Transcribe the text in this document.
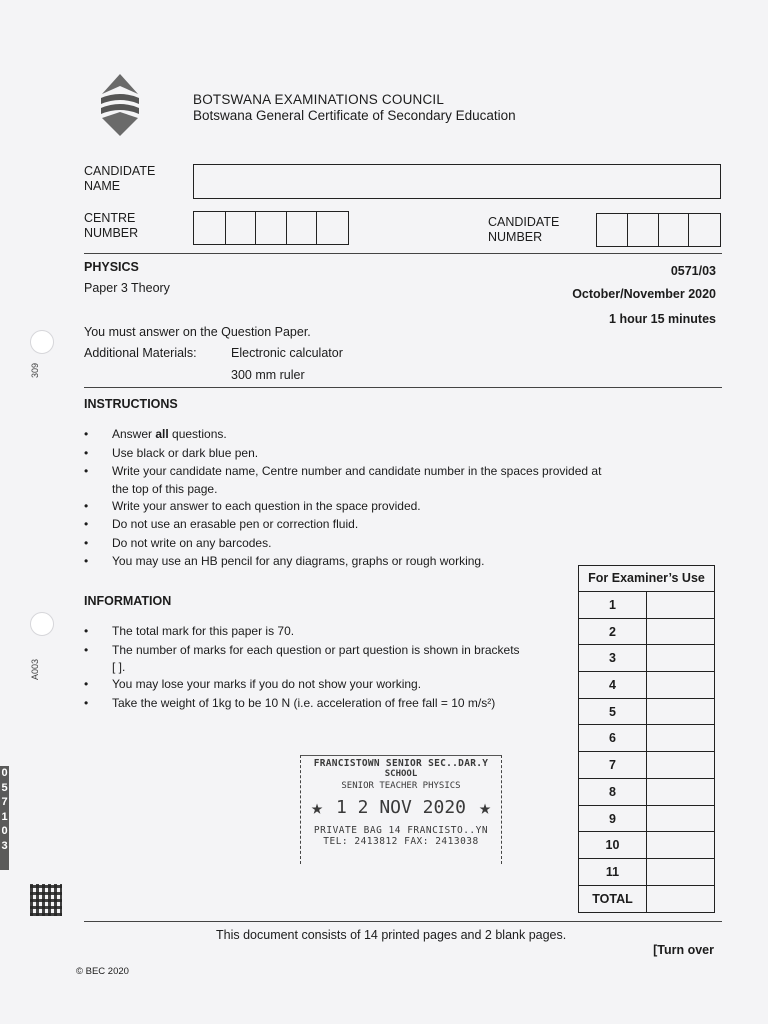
309
A003
0
5
7
1
0
3
BOTSWANA EXAMINATIONS COUNCIL
Botswana General Certificate of Secondary Education
CANDIDATE NAME
CENTRE NUMBER
CANDIDATE NUMBER
PHYSICS
Paper 3 Theory
0571/03
October/November 2020
1 hour 15 minutes
You must answer on the Question Paper.
Additional Materials:	Electronic calculator
300 mm ruler
INSTRUCTIONS
• Answer all questions.
• Use black or dark blue pen.
• Write your candidate name, Centre number and candidate number in the spaces provided at
the top of this page.
• Write your answer to each question in the space provided.
• Do not use an erasable pen or correction fluid.
• Do not write on any barcodes.
• You may use an HB pencil for any diagrams, graphs or rough working.
INFORMATION
• The total mark for this paper is 70.
• The number of marks for each question or part question is shown in brackets
[ ].
• You may lose your marks if you do not show your working.
• Take the weight of 1kg to be 10 N (i.e. acceleration of free fall = 10 m/s²)
For Examiner’s Use
1
2
3
4
5
6
7
8
9
10
11
TOTAL
FRANCISTOWN SENIOR SEC..DAR.Y
SCHOOL
SENIOR TEACHER PHYSICS
★ 1 2 NOV 2020 ★
PRIVATE BAG 14 FRANCISTO..YN
TEL: 2413812 FAX: 2413038
This document consists of 14 printed pages and 2 blank pages.
[Turn over
© BEC 2020
